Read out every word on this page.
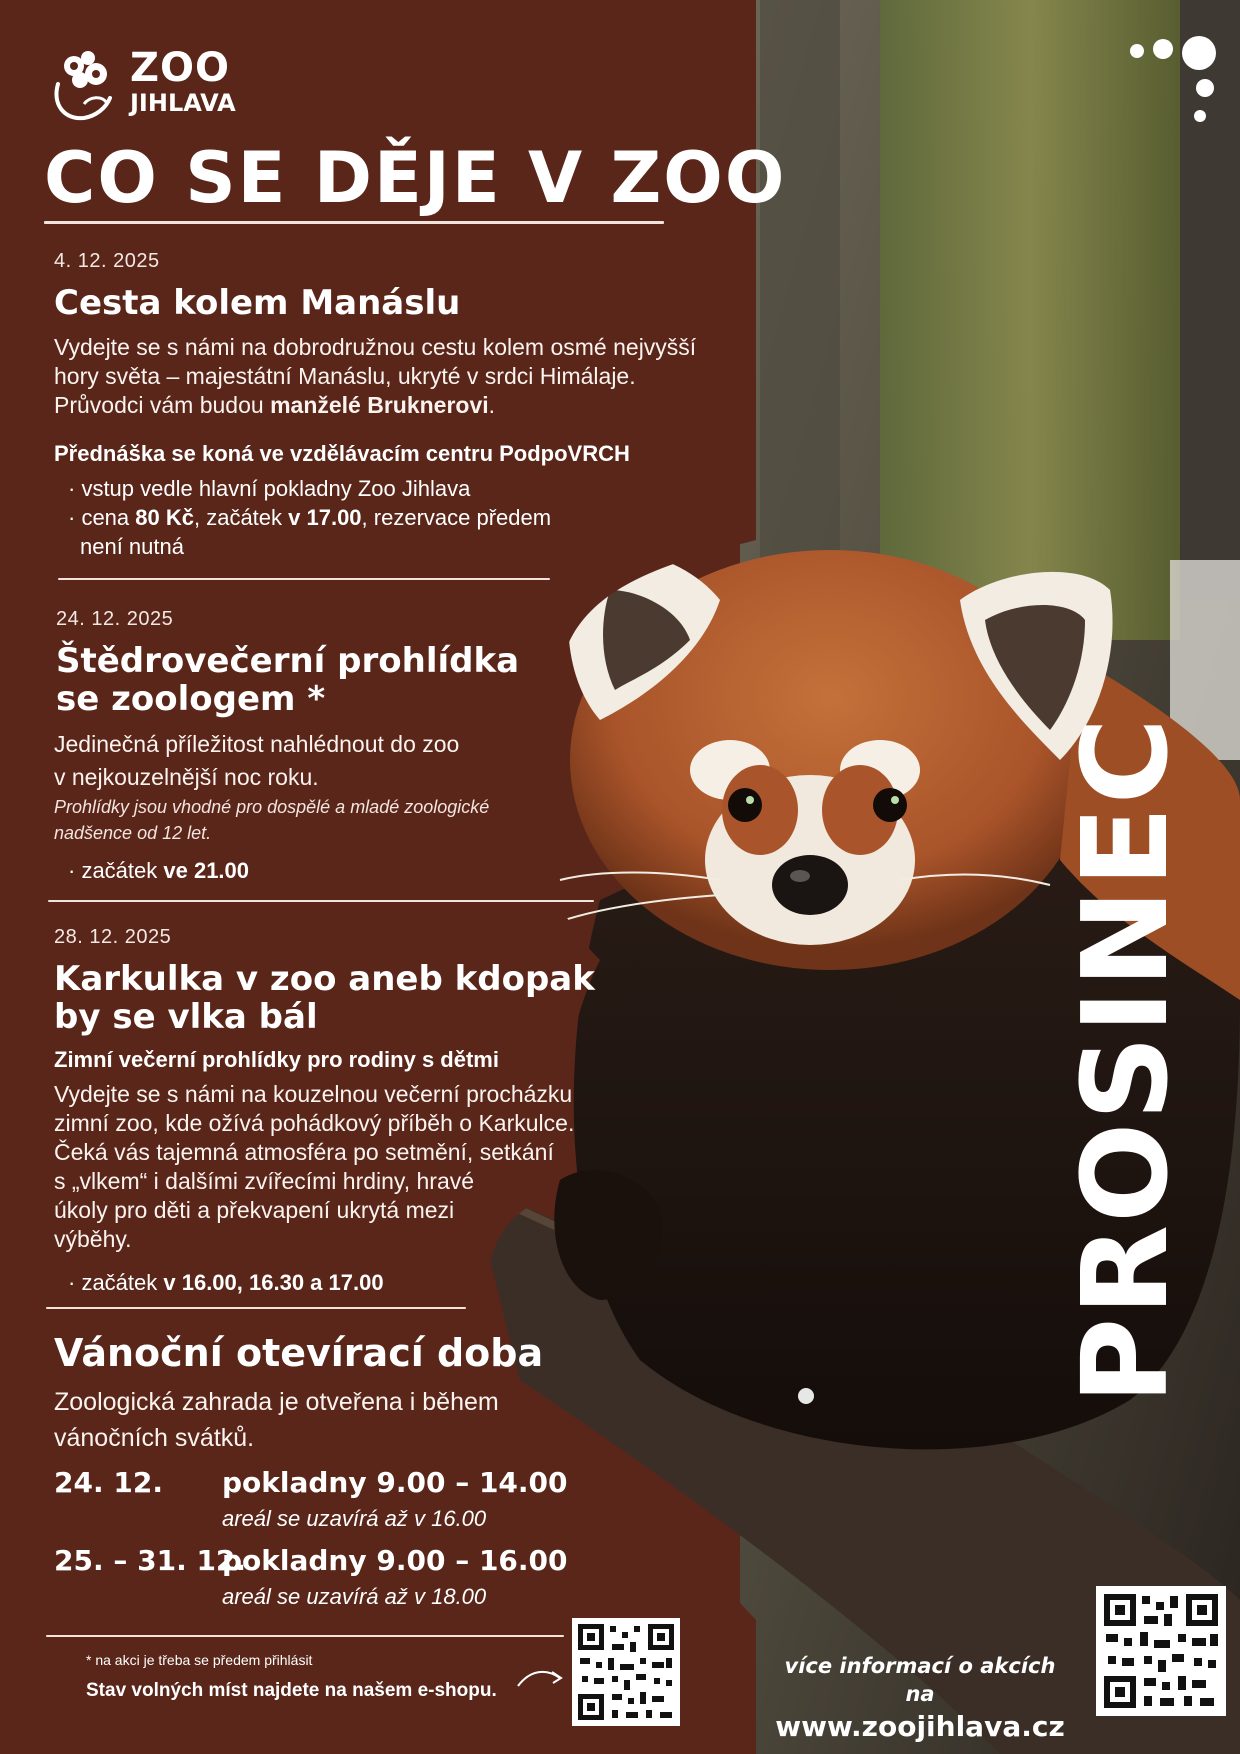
ZOO
JIHLAVA
CO SE DĚJE V ZOO
4. 12. 2025
Cesta kolem Manáslu
Vydejte se s námi na dobrodružnou cestu kolem osmé nejvyšší
hory světa – majestátní Manáslu, ukryté v srdci Himálaje.
Průvodci vám budou manželé Bruknerovi.
Přednáška se koná ve vzdělávacím centru PodpoVRCH
· vstup vedle hlavní pokladny Zoo Jihlava
· cena 80 Kč, začátek v 17.00, rezervace předem
není nutná
24. 12. 2025
Štědrovečerní prohlídka
se zoologem *
Jedinečná příležitost nahlédnout do zoo
v nejkouzelnější noc roku.
Prohlídky jsou vhodné pro dospělé a mladé zoologické
nadšence od 12 let.
· začátek ve 21.00
28. 12. 2025
Karkulka v zoo aneb kdopak
by se vlka bál
Zimní večerní prohlídky pro rodiny s dětmi
Vydejte se s námi na kouzelnou večerní procházku
zimní zoo, kde ožívá pohádkový příběh o Karkulce.
Čeká vás tajemná atmosféra po setmění, setkání
s „vlkem“ i dalšími zvířecími hrdiny, hravé
úkoly pro děti a překvapení ukrytá mezi
výběhy.
· začátek v 16.00, 16.30 a 17.00
Vánoční otevírací doba
Zoologická zahrada je otveřena i během
vánočních svátků.
24. 12. pokladny 9.00 – 14.00
areál se uzavírá až v 16.00
25. – 31. 12.
pokladny 9.00 – 16.00
areál se uzavírá až v 18.00
* na akci je třeba se předem přihlásit
Stav volných míst najdete na našem e-shopu.
PROSINEC
více informací o akcích na
www.zoojihlava.cz
